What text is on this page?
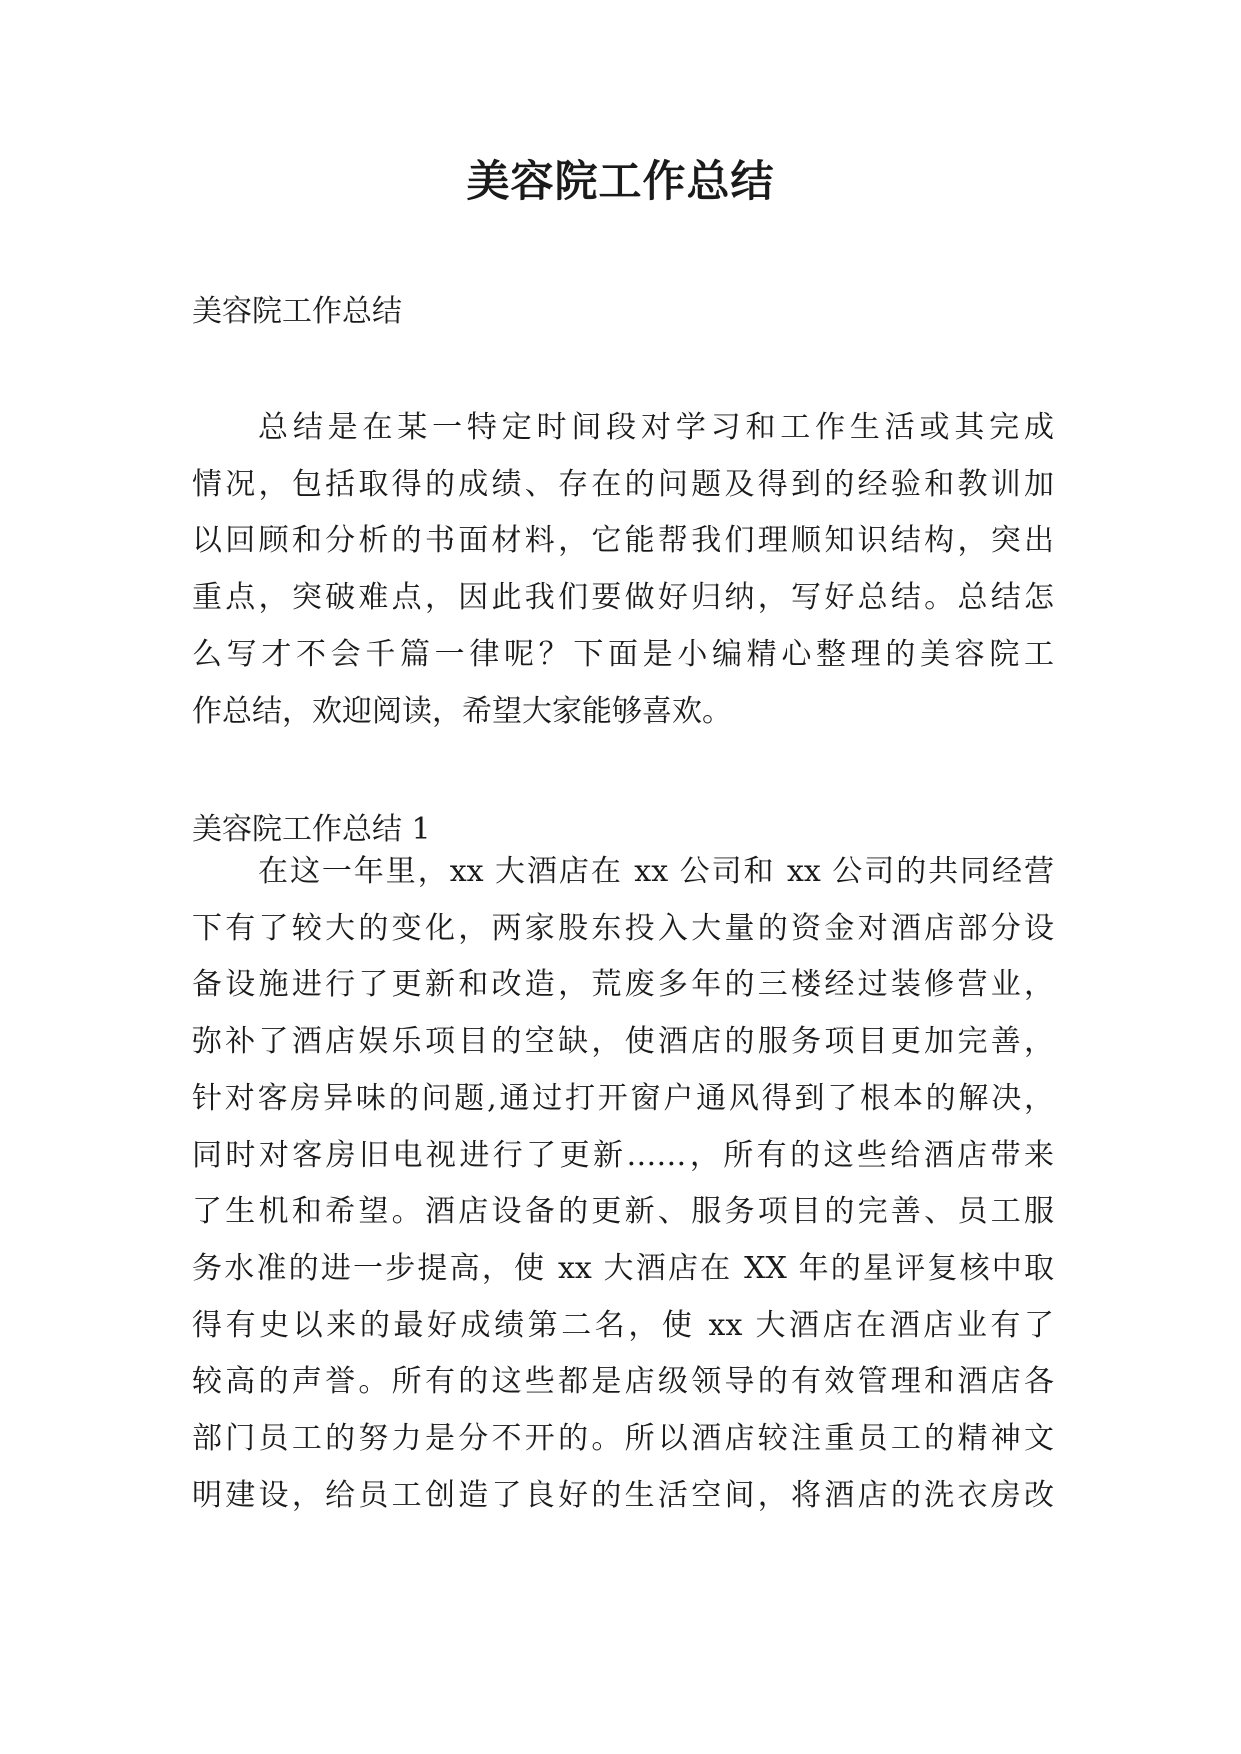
美容院工作总结

美容院工作总结

总结是在某一特定时间段对学习和工作生活或其完成
情况，包括取得的成绩、存在的问题及得到的经验和教训加
以回顾和分析的书面材料，它能帮我们理顺知识结构，突出
重点，突破难点，因此我们要做好归纳，写好总结。总结怎
么写才不会千篇一律呢？下面是小编精心整理的美容院工
作总结，欢迎阅读，希望大家能够喜欢。

美容院工作总结 1

在这一年里，xx 大酒店在 xx 公司和 xx 公司的共同经营
下有了较大的变化，两家股东投入大量的资金对酒店部分设
备设施进行了更新和改造，荒废多年的三楼经过装修营业，
弥补了酒店娱乐项目的空缺，使酒店的服务项目更加完善，
针对客房异味的问题,通过打开窗户通风得到了根本的解决，
同时对客房旧电视进行了更新……，所有的这些给酒店带来
了生机和希望。酒店设备的更新、服务项目的完善、员工服
务水准的进一步提高，使 xx 大酒店在 XX 年的星评复核中取
得有史以来的最好成绩第二名，使 xx 大酒店在酒店业有了
较高的声誉。所有的这些都是店级领导的有效管理和酒店各
部门员工的努力是分不开的。所以酒店较注重员工的精神文
明建设，给员工创造了良好的生活空间，将酒店的洗衣房改
